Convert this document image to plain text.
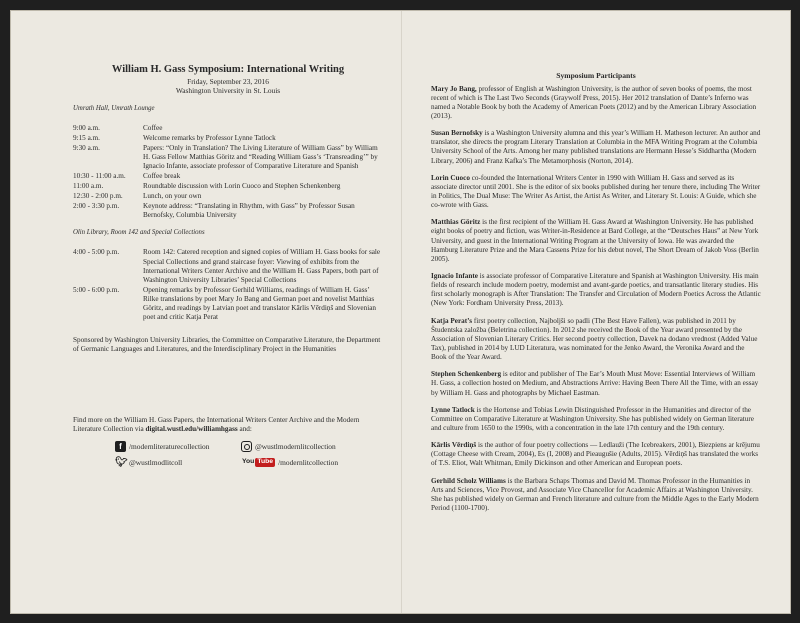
William H. Gass Symposium: International Writing
Friday, September 23, 2016
Washington University in St. Louis
Umrath Hall, Umrath Lounge
9:00 a.m.	Coffee
9:15 a.m.	Welcome remarks by Professor Lynne Tatlock
9:30 a.m.	Papers: “Only in Translation? The Living Literature of William Gass” by William H. Gass Fellow Matthias Göritz and “Reading William Gass’s ‘Transreading’” by Ignacio Infante, associate professor of Comparative Literature and Spanish
10:30 - 11:00 a.m.	Coffee break
11:00 a.m.	Roundtable discussion with Lorin Cuoco and Stephen Schenkenberg
12:30 - 2:00 p.m.	Lunch, on your own
2:00 - 3:30 p.m.	Keynote address: “Translating in Rhythm, with Gass” by Professor Susan Bernofsky, Columbia University
Olin Library, Room 142 and Special Collections
4:00 - 5:00 p.m.	Room 142: Catered reception and signed copies of William H. Gass books for sale
Special Collections and grand staircase foyer: Viewing of exhibits from the International Writers Center Archive and the William H. Gass Papers, both part of Washington University Libraries’ Special Collections
5:00 - 6:00 p.m.	Opening remarks by Professor Gerhild Williams, readings of William H. Gass’ Rilke translations by poet Mary Jo Bang and German poet and novelist Matthias Göritz, and readings by Latvian poet and translator Kārlis Vērdiņš and Slovenian poet and critic Katja Perat
Sponsored by Washington University Libraries, the Committee on Comparative Literature, the Department of Germanic Languages and Literatures, and the Interdisciplinary Project in the Humanities
Find more on the William H. Gass Papers, the International Writers Center Archive and the Modern Literature Collection via digital.wustl.edu/williamhgass and:
f /modernliteraturecollection	@wustlmodernlitcollection
🐦︎ @wustlmodlitcoll	You Tube /modernlitcollection
Symposium Participants
Mary Jo Bang, professor of English at Washington University, is the author of seven books of poems, the most recent of which is The Last Two Seconds (Graywolf Press, 2015). Her 2012 translation of Dante’s Inferno was named a Notable Book by both the Academy of American Poets (2012) and by the American Library Association (2013).
Susan Bernofsky is a Washington University alumna and this year’s William H. Matheson lecturer. An author and translator, she directs the program Literary Translation at Columbia in the MFA Writing Program at the Columbia University School of the Arts. Among her many published translations are Hermann Hesse’s Siddhartha (Modern Library, 2006) and Franz Kafka’s The Metamorphosis (Norton, 2014).
Lorin Cuoco co-founded the International Writers Center in 1990 with William H. Gass and served as its associate director until 2001. She is the editor of six books published during her tenure there, including The Writer in Politics, The Dual Muse: The Writer As Artist, the Artist As Writer, and Literary St. Louis: A Guide, which she co-wrote with Gass.
Matthias Göritz is the first recipient of the William H. Gass Award at Washington University. He has published eight books of poetry and fiction, was Writer-in-Residence at Bard College, at the “Deutsches Haus” at New York University, and guest in the International Writing Program at the University of Iowa. He was awarded the Hamburg Literature Prize and the Mara Cassens Prize for his debut novel, The Short Dream of Jakob Voss (Berlin 2005).
Ignacio Infante is associate professor of Comparative Literature and Spanish at Washington University. His main fields of research include modern poetry, modernist and avant-garde poetics, and transatlantic literary studies. His first scholarly monograph is After Translation: The Transfer and Circulation of Modern Poetics Across the Atlantic (New York: Fordham University Press, 2013).
Katja Perat’s first poetry collection, Najboljši so padli (The Best Have Fallen), was published in 2011 by Študentska založba (Beletrina collection). In 2012 she received the Book of the Year award presented by the Association of Slovenian Literary Critics. Her second poetry collection, Davek na dodano vrednost (Added Value Tax), published in 2014 by LUD Literatura, was nominated for the Jenko Award, the Veronika Award and the Book of the Year Award.
Stephen Schenkenberg is editor and publisher of The Ear’s Mouth Must Move: Essential Interviews of William H. Gass, a collection hosted on Medium, and Abstractions Arrive: Having Been There All the Time, with an essay by William H. Gass and photographs by Michael Eastman.
Lynne Tatlock is the Hortense and Tobias Lewin Distinguished Professor in the Humanities and director of the Committee on Comparative Literature at Washington University. She has published widely on German literature and culture from 1650 to the 1990s, with a concentration in the late 17th century and the 19th century.
Kārlis Vērdiņš is the author of four poetry collections — Ledlauži (The Icebreakers, 2001), Biezpiens ar krējumu (Cottage Cheese with Cream, 2004), Es (I, 2008) and Pieaugušie (Adults, 2015). Vērdiņš has translated the works of T.S. Eliot, Walt Whitman, Emily Dickinson and other American and European poets.
Gerhild Scholz Williams is the Barbara Schaps Thomas and David M. Thomas Professor in the Humanities in Arts and Sciences, Vice Provost, and Associate Vice Chancellor for Academic Affairs at Washington University. She has published widely on German and French literature and culture from the Middle Ages to the Early Modern Period (1100-1700).
